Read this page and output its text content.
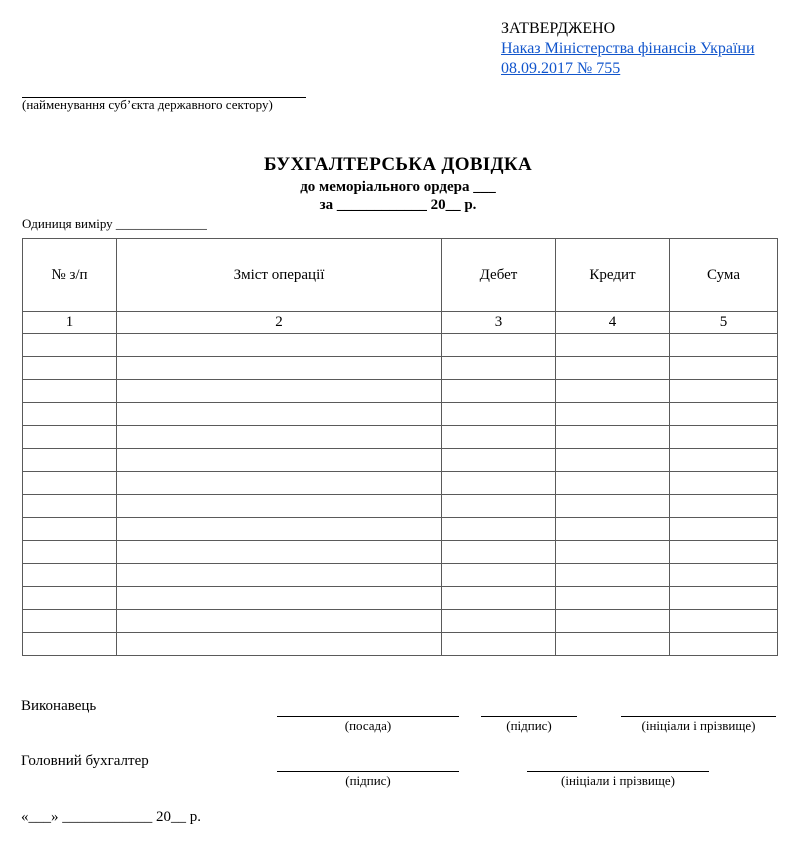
ЗАТВЕРДЖЕНО
Наказ Міністерства фінансів України
08.09.2017 № 755
(найменування суб’єкта державного сектору)
БУХГАЛТЕРСЬКА ДОВІДКА
до меморіального ордера ___
за ____________ 20__ р.
Одиниця виміру ______________
№ з/п	Зміст операції	Дебет	Кредит	Сума
1	2	3	4	5

Виконавець
(посада)	(підпис)	(ініціали і прізвище)
Головний бухгалтер
(підпис)	(ініціали і прізвище)
«___» ____________ 20__ р.
